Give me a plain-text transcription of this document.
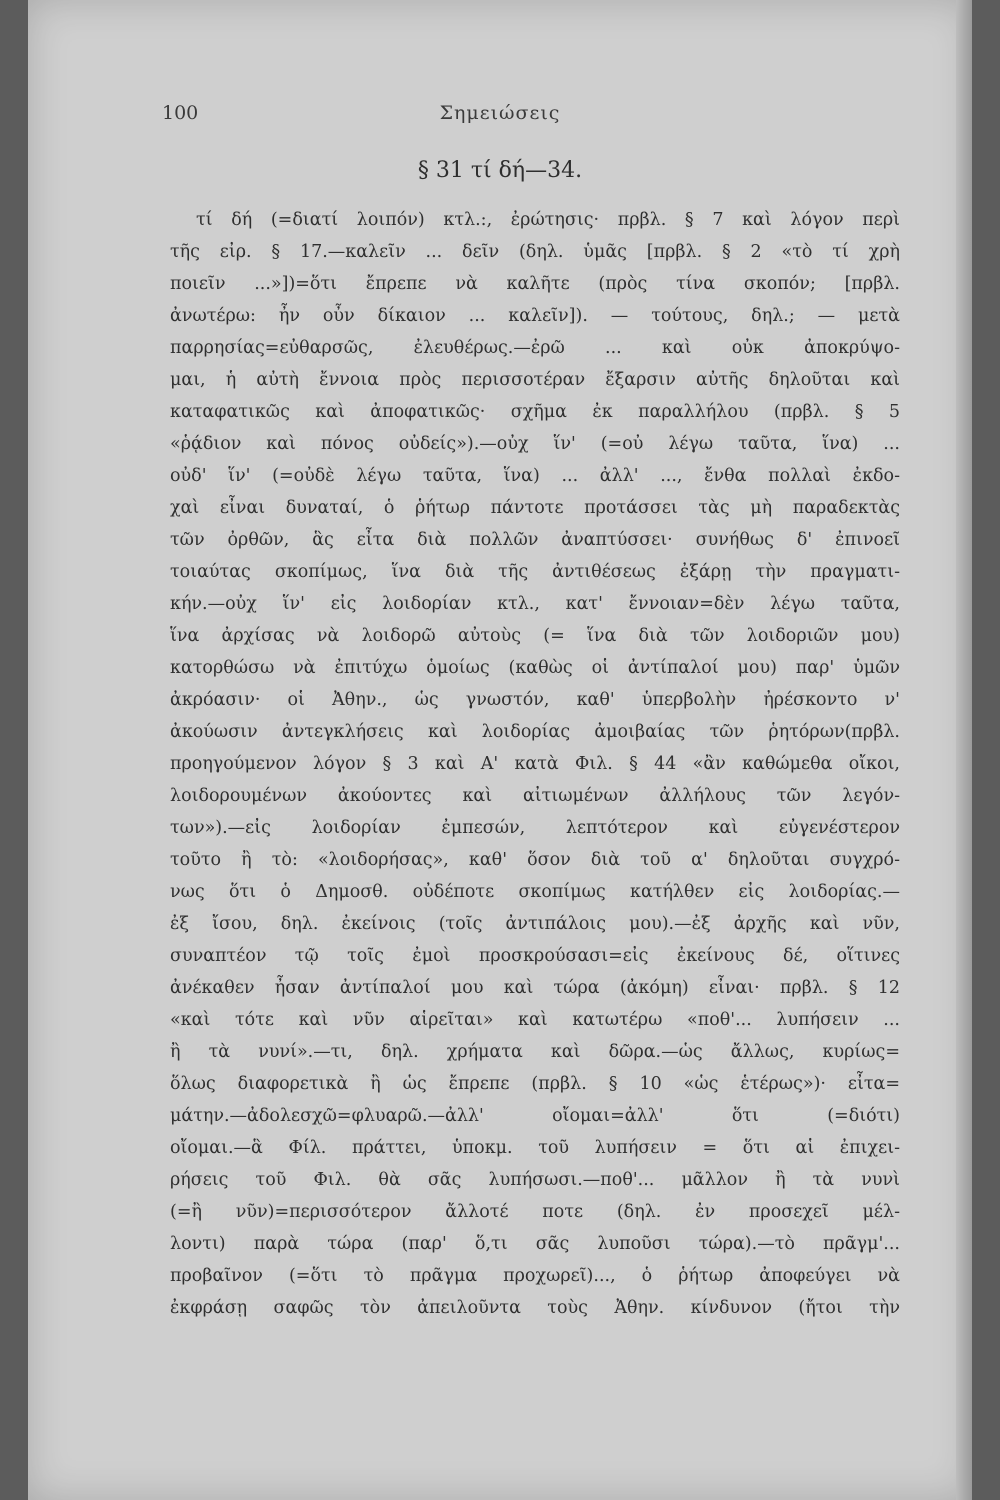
100	Σημειώσεις
§ 31 τί δή—34.
τί δή (=διατί λοιπόν) κτλ.:, ἐρώτησις· πρβλ. § 7 καὶ λόγον περὶ
τῆς εἰρ. § 17.—καλεῖν ... δεῖν (δηλ. ὑμᾶς [πρβλ. § 2 «τὸ τί χρὴ
ποιεῖν ...»])=ὅτι ἔπρεπε νὰ καλῆτε (πρὸς τίνα σκοπόν; [πρβλ.
ἀνωτέρω: ἦν οὖν δίκαιον ... καλεῖν]). — τούτους, δηλ.; — μετὰ
παρρησίας=εὐθαρσῶς, ἐλευθέρως.—ἐρῶ ... καὶ οὐκ ἀποκρύψο-
μαι, ἡ αὐτὴ ἔννοια πρὸς περισσοτέραν ἔξαρσιν αὐτῆς δηλοῦται καὶ
καταφατικῶς καὶ ἀποφατικῶς· σχῆμα ἐκ παραλλήλου (πρβλ. § 5
«ῥᾴδιον καὶ πόνος οὐδείς»).—οὐχ ἵν' (=οὐ λέγω ταῦτα, ἵνα) ...
οὐδ' ἵν' (=οὐδὲ λέγω ταῦτα, ἵνα) ... ἀλλ' ..., ἔνθα πολλαὶ ἐκδο-
χαὶ εἶναι δυναταί, ὁ ῥήτωρ πάντοτε προτάσσει τὰς μὴ παραδεκτὰς
τῶν ὀρθῶν, ἃς εἶτα διὰ πολλῶν ἀναπτύσσει· συνήθως δ' ἐπινοεῖ
τοιαύτας σκοπίμως, ἵνα διὰ τῆς ἀντιθέσεως ἐξάρῃ τὴν πραγματι-
κήν.—οὐχ ἵν' εἰς λοιδορίαν κτλ., κατ' ἔννοιαν=δὲν λέγω ταῦτα,
ἵνα ἀρχίσας νὰ λοιδορῶ αὐτοὺς (= ἵνα διὰ τῶν λοιδοριῶν μου)
κατορθώσω νὰ ἐπιτύχω ὁμοίως (καθὼς οἱ ἀντίπαλοί μου) παρ' ὑμῶν
ἀκρόασιν· οἱ Ἀθην., ὡς γνωστόν, καθ' ὑπερβολὴν ἠρέσκοντο ν'
ἀκούωσιν ἀντεγκλήσεις καὶ λοιδορίας ἀμοιβαίας τῶν ῥητόρων(πρβλ.
προηγούμενον λόγον § 3 καὶ Α' κατὰ Φιλ. § 44 «ἂν καθώμεθα οἴκοι,
λοιδορουμένων ἀκούοντες καὶ αἰτιωμένων ἀλλήλους τῶν λεγόν-
των»).—εἰς λοιδορίαν ἐμπεσών, λεπτότερον καὶ εὐγενέστερον
τοῦτο ἢ τὸ: «λοιδορήσας», καθ' ὅσον διὰ τοῦ α' δηλοῦται συγχρό-
νως ὅτι ὁ Δημοσθ. οὐδέποτε σκοπίμως κατήλθεν εἰς λοιδορίας.—
ἐξ ἴσου, δηλ. ἐκείνοις (τοῖς ἀντιπάλοις μου).—ἐξ ἀρχῆς καὶ νῦν,
συναπτέον τῷ τοῖς ἐμοὶ προσκρούσασι=εἰς ἐκείνους δέ, οἵτινες
ἀνέκαθεν ἦσαν ἀντίπαλοί μου καὶ τώρα (ἀκόμη) εἶναι· πρβλ. § 12
«καὶ τότε καὶ νῦν αἱρεῖται» καὶ κατωτέρω «ποθ'... λυπήσειν ...
ἢ τὰ νυνί».—τι, δηλ. χρήματα καὶ δῶρα.—ὡς ἄλλως, κυρίως=
ὅλως διαφορετικὰ ἢ ὡς ἔπρεπε (πρβλ. § 10 «ὡς ἑτέρως»)· εἶτα=
μάτην.—ἀδολεσχῶ=φλυαρῶ.—ἀλλ' οἴομαι=ἀλλ' ὅτι (=διότι)
οἴομαι.—ἃ Φίλ. πράττει, ὑποκμ. τοῦ λυπήσειν = ὅτι αἱ ἐπιχει-
ρήσεις τοῦ Φιλ. θὰ σᾶς λυπήσωσι.—ποθ'... μᾶλλον ἢ τὰ νυνὶ
(=ἢ νῦν)=περισσότερον ἄλλοτέ ποτε (δηλ. ἐν προσεχεῖ μέλ-
λοντι) παρὰ τώρα (παρ' ὅ,τι σᾶς λυποῦσι τώρα).—τὸ πρᾶγμ'...
προβαῖνον (=ὅτι τὸ πρᾶγμα προχωρεῖ)..., ὁ ῥήτωρ ἀποφεύγει νὰ
ἐκφράσῃ σαφῶς τὸν ἀπειλοῦντα τοὺς Ἀθην. κίνδυνον (ἤτοι τὴν
